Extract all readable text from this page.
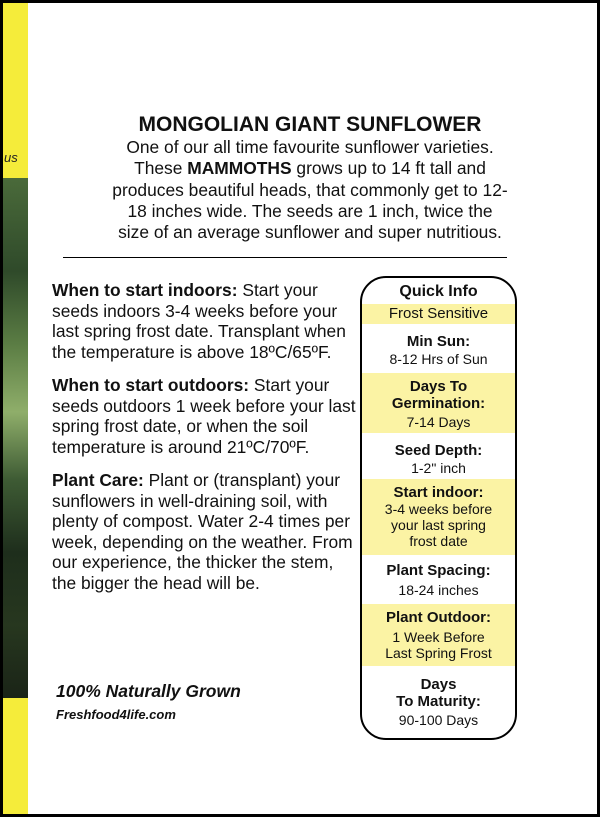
us
MONGOLIAN GIANT SUNFLOWER
One of our all time favourite sunflower varieties.
These MAMMOTHS grows up to 14 ft tall and
produces beautiful heads, that commonly get to 12-
18 inches wide. The seeds are 1 inch, twice the
size of an average sunflower and super nutritious.
When to start indoors: Start your seeds indoors 3-4 weeks before your last spring frost date. Transplant when the temperature is above 18ºC/65ºF.
When to start outdoors: Start your seeds outdoors 1 week before your last spring frost date, or when the soil temperature is around 21ºC/70ºF.
Plant Care: Plant or (transplant) your sunflowers in well-draining soil, with plenty of compost. Water 2-4 times per week, depending on the weather. From our experience, the thicker the stem, the bigger the head will be.
100% Naturally Grown
Freshfood4life.com
Quick Info
Frost Sensitive
Min Sun:
8-12 Hrs of Sun
Days To
Germination:
7-14 Days
Seed Depth:
1-2" inch
Start indoor:
3-4 weeks before
your last spring
frost date
Plant Spacing:
18-24 inches
Plant Outdoor:
1 Week Before
Last Spring Frost
Days
To Maturity:
90-100 Days
